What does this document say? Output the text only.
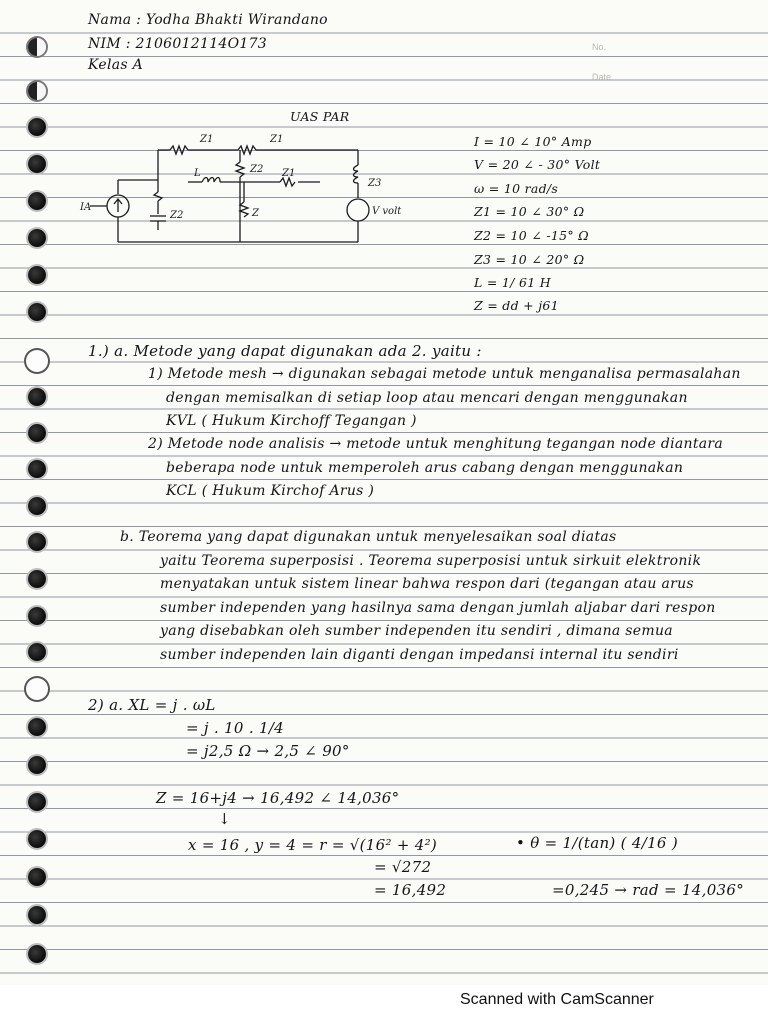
No.
Date
Nama : Yodha Bhakti Wirandano
NIM : 2106012114O173
Kelas A
UAS PAR
Z1	Z1
Z1
L	Z2
Z2
Z3
Z
IA	V volt
I = 10 ∠ 10° Amp
V = 20 ∠ - 30° Volt
ω = 10 rad/s
Z1 = 10 ∠ 30° Ω
Z2 = 10 ∠ -15° Ω
Z3 = 10 ∠ 20° Ω
L = 1/ 61 H
Z = dd + j61
1.) a. Metode yang dapat digunakan ada 2. yaitu :
1) Metode mesh → digunakan sebagai metode untuk menganalisa permasalahan
dengan memisalkan di setiap loop atau mencari dengan menggunakan
KVL ( Hukum Kirchoff Tegangan )
2) Metode node analisis → metode untuk menghitung tegangan node diantara
beberapa node untuk memperoleh arus cabang dengan menggunakan
KCL ( Hukum Kirchof Arus )
b. Teorema yang dapat digunakan untuk menyelesaikan soal diatas
yaitu Teorema superposisi . Teorema superposisi untuk sirkuit elektronik
menyatakan untuk sistem linear bahwa respon dari (tegangan atau arus
sumber independen yang hasilnya sama dengan jumlah aljabar dari respon
yang disebabkan oleh sumber independen itu sendiri , dimana semua
sumber independen lain diganti dengan impedansi internal itu sendiri
2) a. XL = j . ωL
= j . 10 . 1/4
= j2,5 Ω → 2,5 ∠ 90°
Z = 16+j4 → 16,492 ∠ 14,036°
↓
x = 16 , y = 4 = r = √(16² + 4²)
= √272
= 16,492
• θ = 1/(tan) ( 4/16 )
=0,245 → rad = 14,036°
Scanned with CamScanner
